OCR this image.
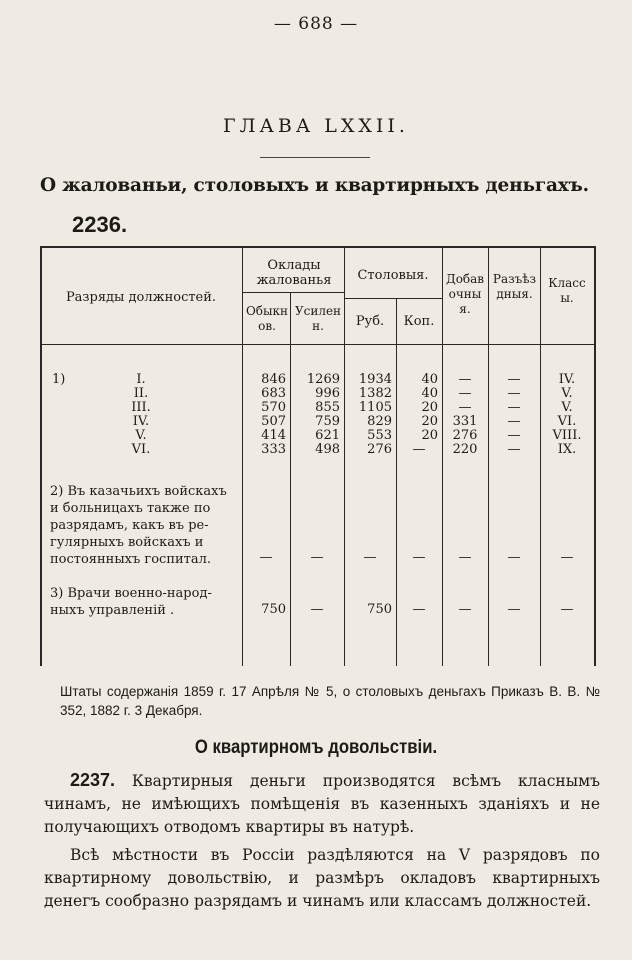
— 688 —
ГЛАВА LXXII.
О жалованьи, столовыхъ и квартирныхъ деньгахъ.
2236.
Разряды должностей.
Оклады жалованья
Обыкнов.
Усиленн.
Столовыя.
Руб.	Коп.
Добавочныя.
Разъѣздныя.
Классы.
1)	I.	846	1269	1934	40	—	—	IV.
II.	683	996	1382	40	—	—	V.
III.	570	855	1105	20	—	—	V.
IV.	507	759	829	20	331	—	VI.
V.	414	621	553	20	276	—	VIII.
VI.	333	498	276	—	220	—	IX.
2) Въ казачьихъ войскахъ
и больницахъ также по
разрядамъ, какъ въ ре-
гулярныхъ войскахъ и
постоянныхъ госпитал.	—	—	—	—	—	—	—
3) Врачи военно-народ-
ныхъ управленій .	750	—	750	—	—	—	—
Штаты содержанія 1859 г. 17 Апрѣля № 5, о столовыхъ деньгахъ Приказъ В. В. № 352, 1882 г. 3 Декабря.
О квартирномъ довольствіи.
2237. Квартирныя деньги производятся всѣмъ класнымъ чинамъ, не имѣющихъ помѣщенія въ казенныхъ зданіяхъ и не получающихъ отводомъ квартиры въ натурѣ.
Всѣ мѣстности въ Россіи раздѣляются на V разрядовъ по квартирному довольствію, и размѣръ окладовъ квартирныхъ денегъ сообразно разрядамъ и чинамъ или классамъ должностей.
